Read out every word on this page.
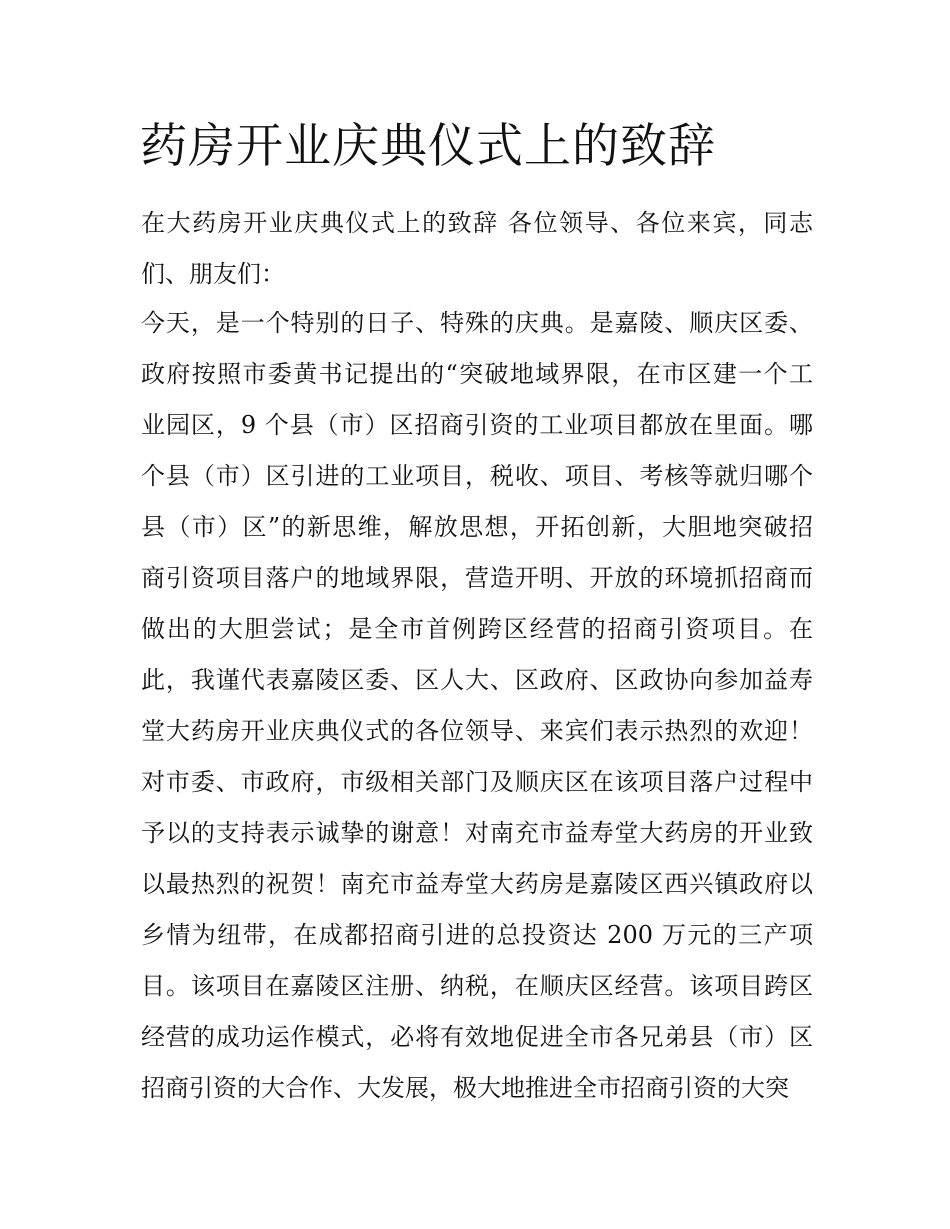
药房开业庆典仪式上的致辞
在大药房开业庆典仪式上的致辞 各位领导、各位来宾，同志
们、朋友们：
今天，是一个特别的日子、特殊的庆典。是嘉陵、顺庆区委、
政府按照市委黄书记提出的“突破地域界限，在市区建一个工
业园区，9 个县（市）区招商引资的工业项目都放在里面。哪
个县（市）区引进的工业项目，税收、项目、考核等就归哪个
县（市）区”的新思维，解放思想，开拓创新，大胆地突破招
商引资项目落户的地域界限，营造开明、开放的环境抓招商而
做出的大胆尝试；是全市首例跨区经营的招商引资项目。在
此，我谨代表嘉陵区委、区人大、区政府、区政协向参加益寿
堂大药房开业庆典仪式的各位领导、来宾们表示热烈的欢迎！
对市委、市政府，市级相关部门及顺庆区在该项目落户过程中
予以的支持表示诚挚的谢意！对南充市益寿堂大药房的开业致
以最热烈的祝贺！南充市益寿堂大药房是嘉陵区西兴镇政府以
乡情为纽带，在成都招商引进的总投资达 200 万元的三产项
目。该项目在嘉陵区注册、纳税，在顺庆区经营。该项目跨区
经营的成功运作模式，必将有效地促进全市各兄弟县（市）区
招商引资的大合作、大发展，极大地推进全市招商引资的大突
